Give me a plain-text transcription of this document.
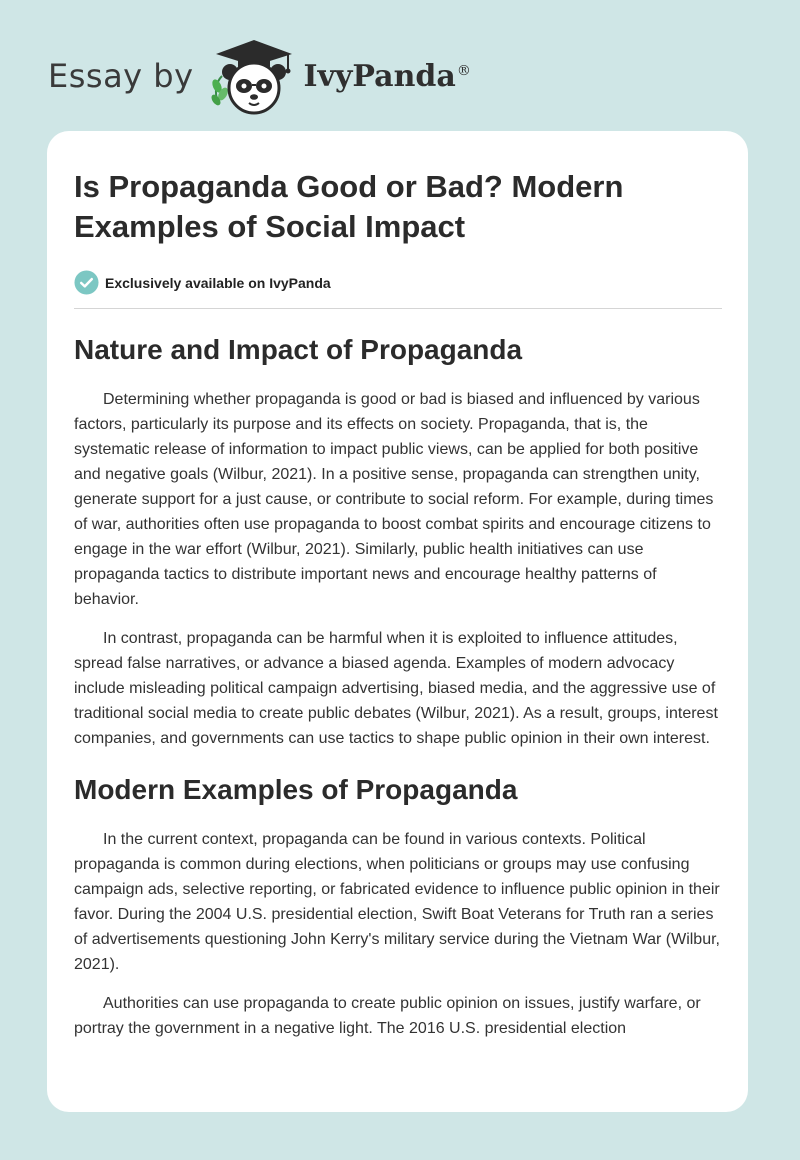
Essay by	IvyPanda®
Is Propaganda Good or Bad? Modern Examples of Social Impact
Exclusively available on IvyPanda
Nature and Impact of Propaganda

Determining whether propaganda is good or bad is biased and influenced by various factors, particularly its purpose and its effects on society. Propaganda, that is, the systematic release of information to impact public views, can be applied for both positive and negative goals (Wilbur, 2021). In a positive sense, propaganda can strengthen unity, generate support for a just cause, or contribute to social reform. For example, during times of war, authorities often use propaganda to boost combat spirits and encourage citizens to engage in the war effort (Wilbur, 2021). Similarly, public health initiatives can use propaganda tactics to distribute important news and encourage healthy patterns of behavior.

In contrast, propaganda can be harmful when it is exploited to influence attitudes, spread false narratives, or advance a biased agenda. Examples of modern advocacy include misleading political campaign advertising, biased media, and the aggressive use of traditional social media to create public debates (Wilbur, 2021). As a result, groups, interest companies, and governments can use tactics to shape public opinion in their own interest.

Modern Examples of Propaganda

In the current context, propaganda can be found in various contexts. Political propaganda is common during elections, when politicians or groups may use confusing campaign ads, selective reporting, or fabricated evidence to influence public opinion in their favor. During the 2004 U.S. presidential election, Swift Boat Veterans for Truth ran a series of advertisements questioning John Kerry's military service during the Vietnam War (Wilbur, 2021).

Authorities can use propaganda to create public opinion on issues, justify warfare, or portray the government in a negative light. The 2016 U.S. presidential election
